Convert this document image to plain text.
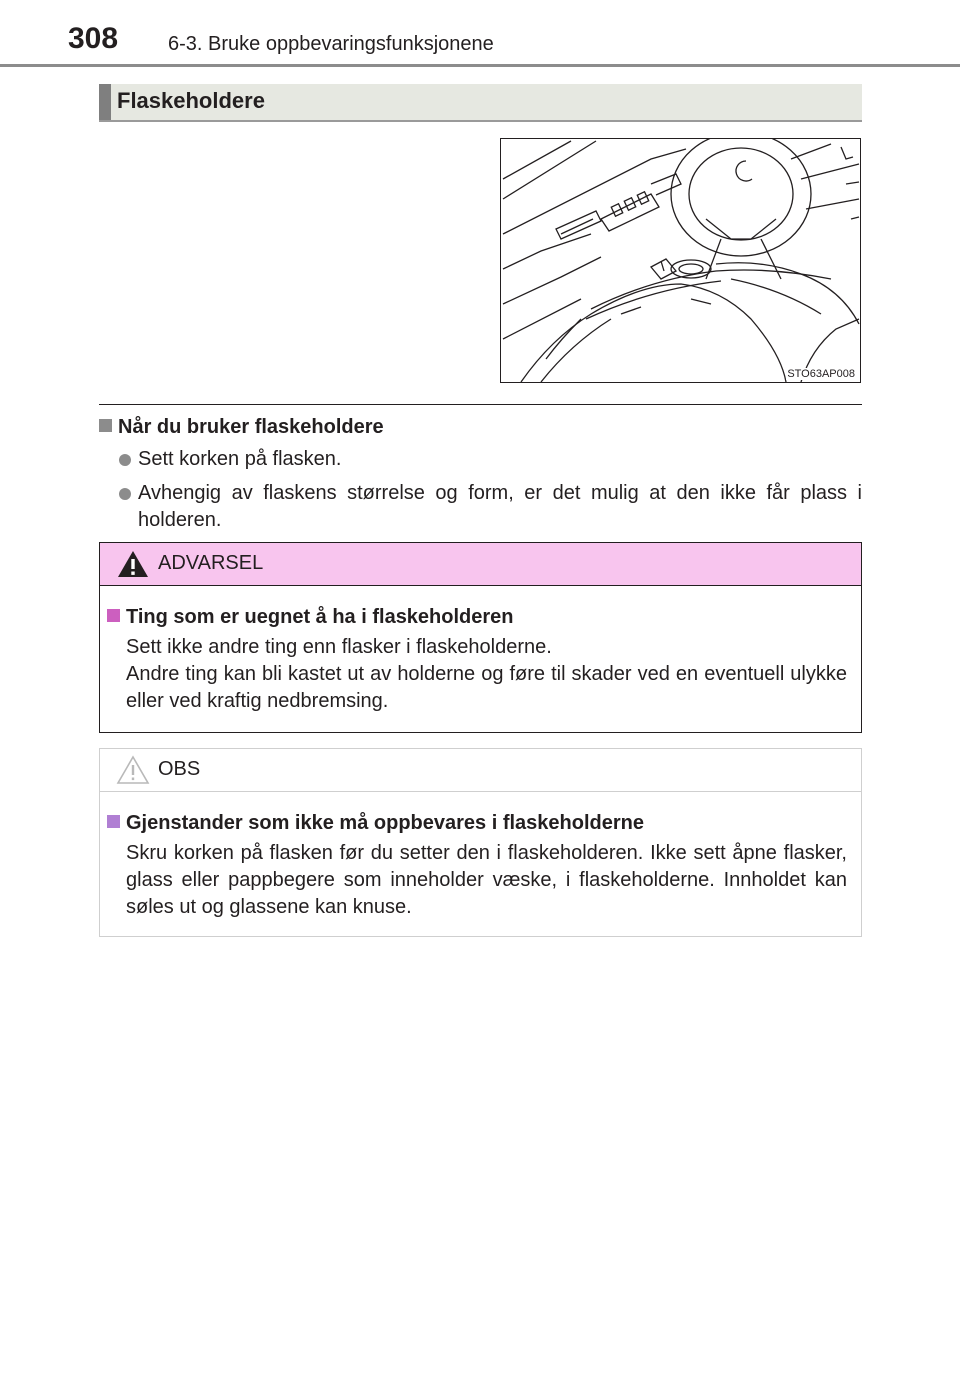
308 6-3. Bruke oppbevaringsfunksjonene
Flaskeholdere
STO63AP008
Når du bruker flaskeholdere
Sett korken på flasken.
Avhengig av flaskens størrelse og form, er det mulig at den ikke får plass i holderen.
ADVARSEL
Ting som er uegnet å ha i flaskeholderen

Sett ikke andre ting enn flasker i flaskeholderne.

Andre ting kan bli kastet ut av holderne og føre til skader ved en eventuell ulykke eller ved kraftig nedbremsing.

OBS
Gjenstander som ikke må oppbevares i flaskeholderne

Skru korken på flasken før du setter den i flaskeholderen. Ikke sett åpne flasker, glass eller pappbegere som inneholder væske, i flaskeholderne. Innholdet kan søles ut og glassene kan knuse.
